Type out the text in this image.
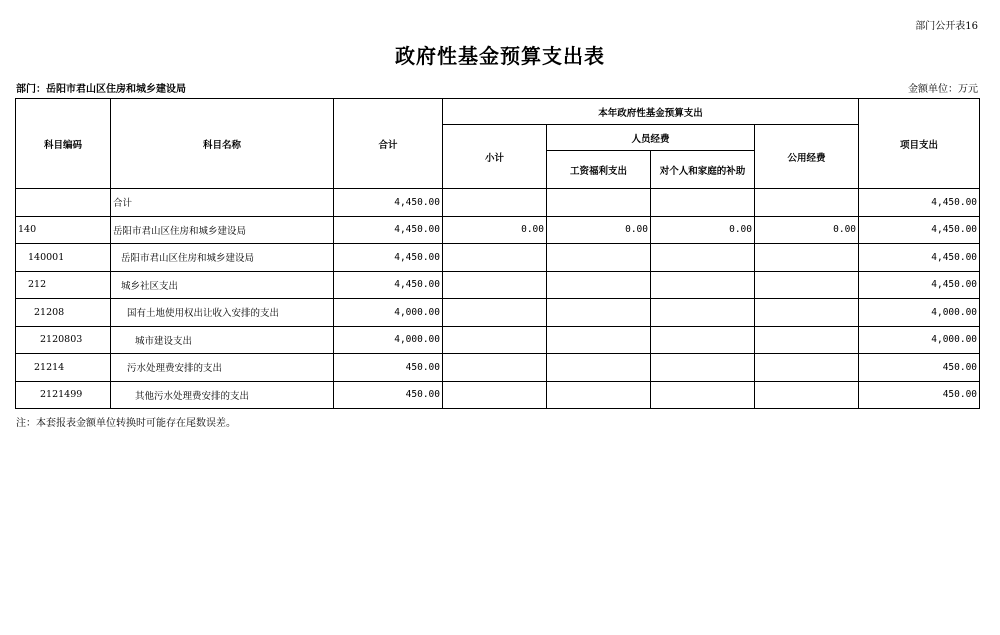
部门公开表16
政府性基金预算支出表
部门：岳阳市君山区住房和城乡建设局	金额单位：万元
科目编码	科目名称	合计	本年政府性基金预算支出				项目支出
			小计	人员经费		公用经费	
				工资福利支出	对个人和家庭的补助		
	合计	4,450.00					4,450.00
140	岳阳市君山区住房和城乡建设局	4,450.00	0.00	0.00	0.00	0.00	4,450.00
140001	岳阳市君山区住房和城乡建设局	4,450.00					4,450.00
212	城乡社区支出	4,450.00					4,450.00
21208	国有土地使用权出让收入安排的支出	4,000.00					4,000.00
2120803	城市建设支出	4,000.00					4,000.00
21214	污水处理费安排的支出	450.00					450.00
2121499	其他污水处理费安排的支出	450.00					450.00
注：本套报表金额单位转换时可能存在尾数误差。
